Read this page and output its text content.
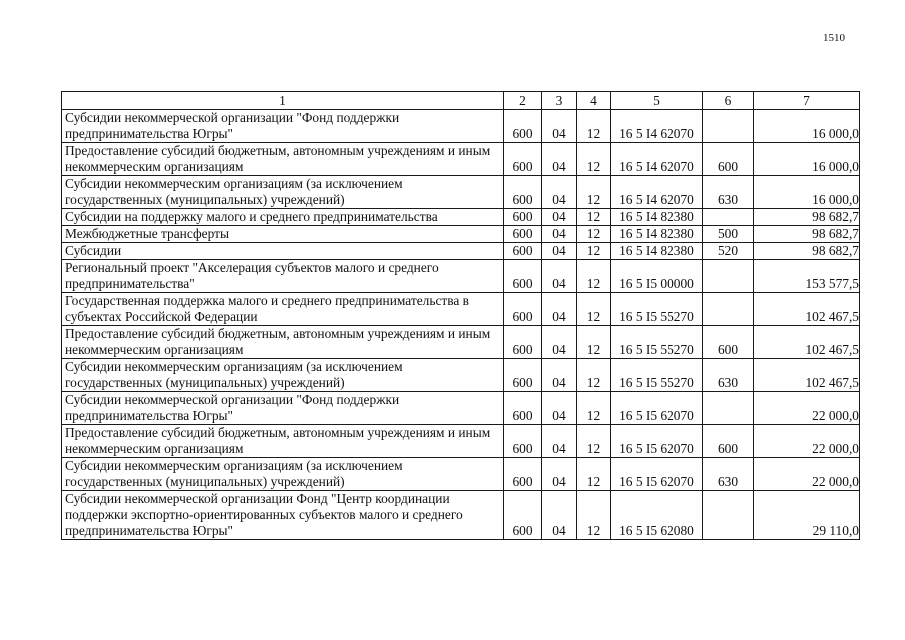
1510
1	2	3	4	5	6	7
Субсидии некоммерческой организации "Фонд поддержки предпринимательства Югры"	600	04	12	16 5 I4 62070		16 000,0
Предоставление субсидий бюджетным, автономным учреждениям и иным некоммерческим организациям	600	04	12	16 5 I4 62070	600	16 000,0
Субсидии некоммерческим организациям (за исключением государственных (муниципальных) учреждений)	600	04	12	16 5 I4 62070	630	16 000,0
Субсидии на поддержку малого и среднего предпринимательства	600	04	12	16 5 I4 82380		98 682,7
Межбюджетные трансферты	600	04	12	16 5 I4 82380	500	98 682,7
Субсидии	600	04	12	16 5 I4 82380	520	98 682,7
Региональный проект "Акселерация субъектов малого и среднего предпринимательства"	600	04	12	16 5 I5 00000		153 577,5
Государственная поддержка малого и среднего предпринимательства в субъектах Российской Федерации	600	04	12	16 5 I5 55270		102 467,5
Предоставление субсидий бюджетным, автономным учреждениям и иным некоммерческим организациям	600	04	12	16 5 I5 55270	600	102 467,5
Субсидии некоммерческим организациям (за исключением государственных (муниципальных) учреждений)	600	04	12	16 5 I5 55270	630	102 467,5
Субсидии некоммерческой организации "Фонд поддержки предпринимательства Югры"	600	04	12	16 5 I5 62070		22 000,0
Предоставление субсидий бюджетным, автономным учреждениям и иным некоммерческим организациям	600	04	12	16 5 I5 62070	600	22 000,0
Субсидии некоммерческим организациям (за исключением государственных (муниципальных) учреждений)	600	04	12	16 5 I5 62070	630	22 000,0
Субсидии некоммерческой организации Фонд "Центр координации поддержки экспортно-ориентированных субъектов малого и среднего предпринимательства Югры"	600	04	12	16 5 I5 62080		29 110,0
